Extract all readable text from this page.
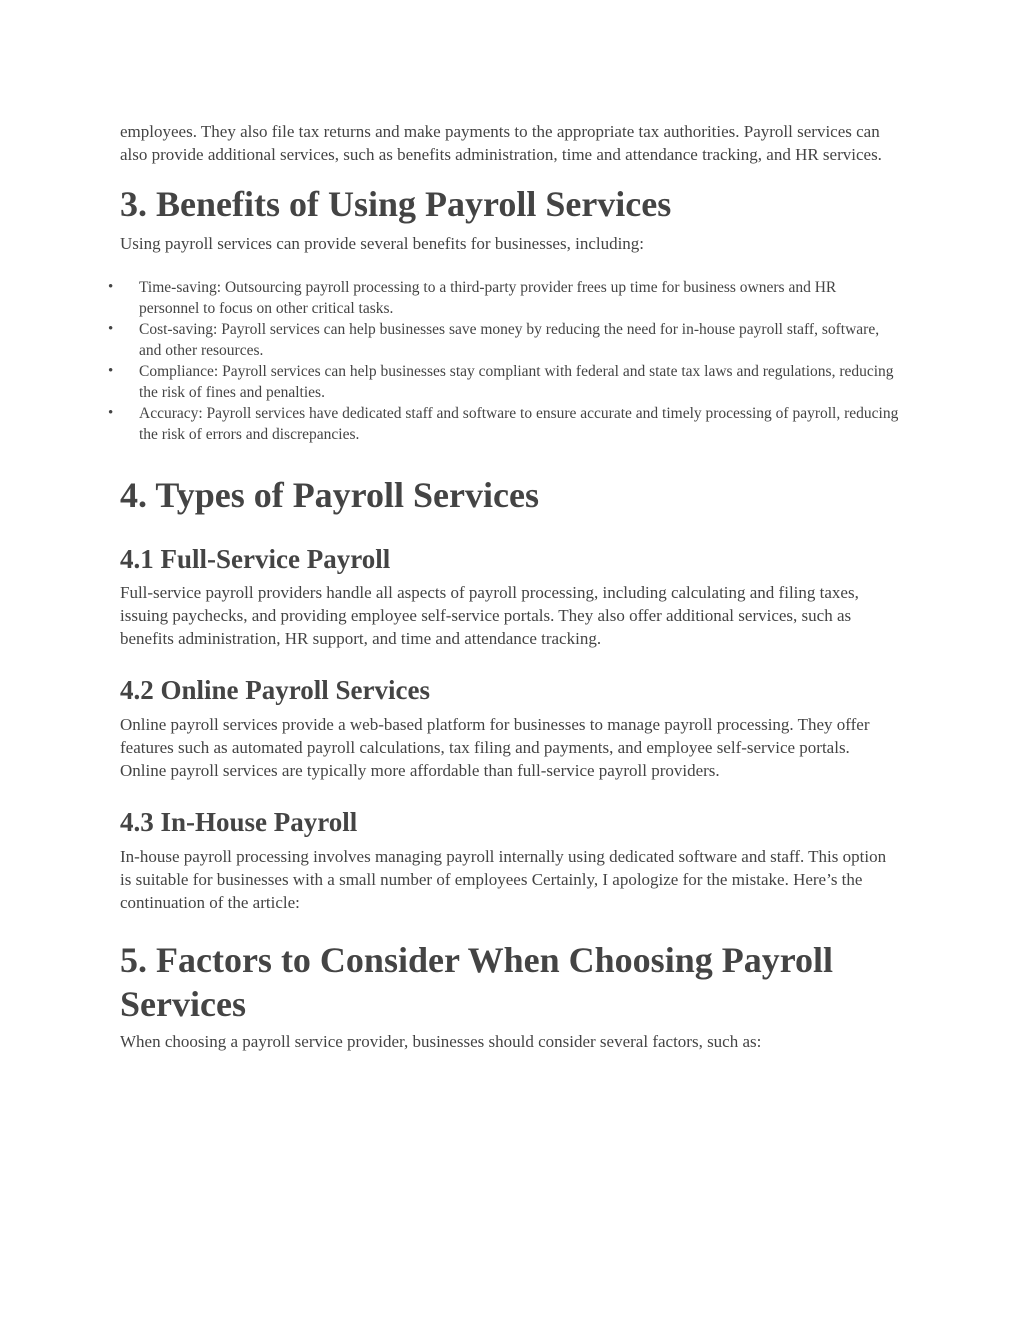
employees. They also file tax returns and make payments to the appropriate tax authorities. Payroll services can also provide additional services, such as benefits administration, time and attendance tracking, and HR services.

3. Benefits of Using Payroll Services

Using payroll services can provide several benefits for businesses, including:

• Time-saving: Outsourcing payroll processing to a third-party provider frees up time for business owners and HR personnel to focus on other critical tasks.
• Cost-saving: Payroll services can help businesses save money by reducing the need for in-house payroll staff, software, and other resources.
• Compliance: Payroll services can help businesses stay compliant with federal and state tax laws and regulations, reducing the risk of fines and penalties.
• Accuracy: Payroll services have dedicated staff and software to ensure accurate and timely processing of payroll, reducing the risk of errors and discrepancies.
4. Types of Payroll Services
4.1 Full-Service Payroll

Full-service payroll providers handle all aspects of payroll processing, including calculating and filing taxes, issuing paychecks, and providing employee self-service portals. They also offer additional services, such as benefits administration, HR support, and time and attendance tracking.

4.2 Online Payroll Services

Online payroll services provide a web-based platform for businesses to manage payroll processing. They offer features such as automated payroll calculations, tax filing and payments, and employee self-service portals. Online payroll services are typically more affordable than full-service payroll providers.

4.3 In-House Payroll

In-house payroll processing involves managing payroll internally using dedicated software and staff. This option is suitable for businesses with a small number of employees Certainly, I apologize for the mistake. Here’s the continuation of the article:

5. Factors to Consider When Choosing Payroll Services

When choosing a payroll service provider, businesses should consider several factors, such as:
